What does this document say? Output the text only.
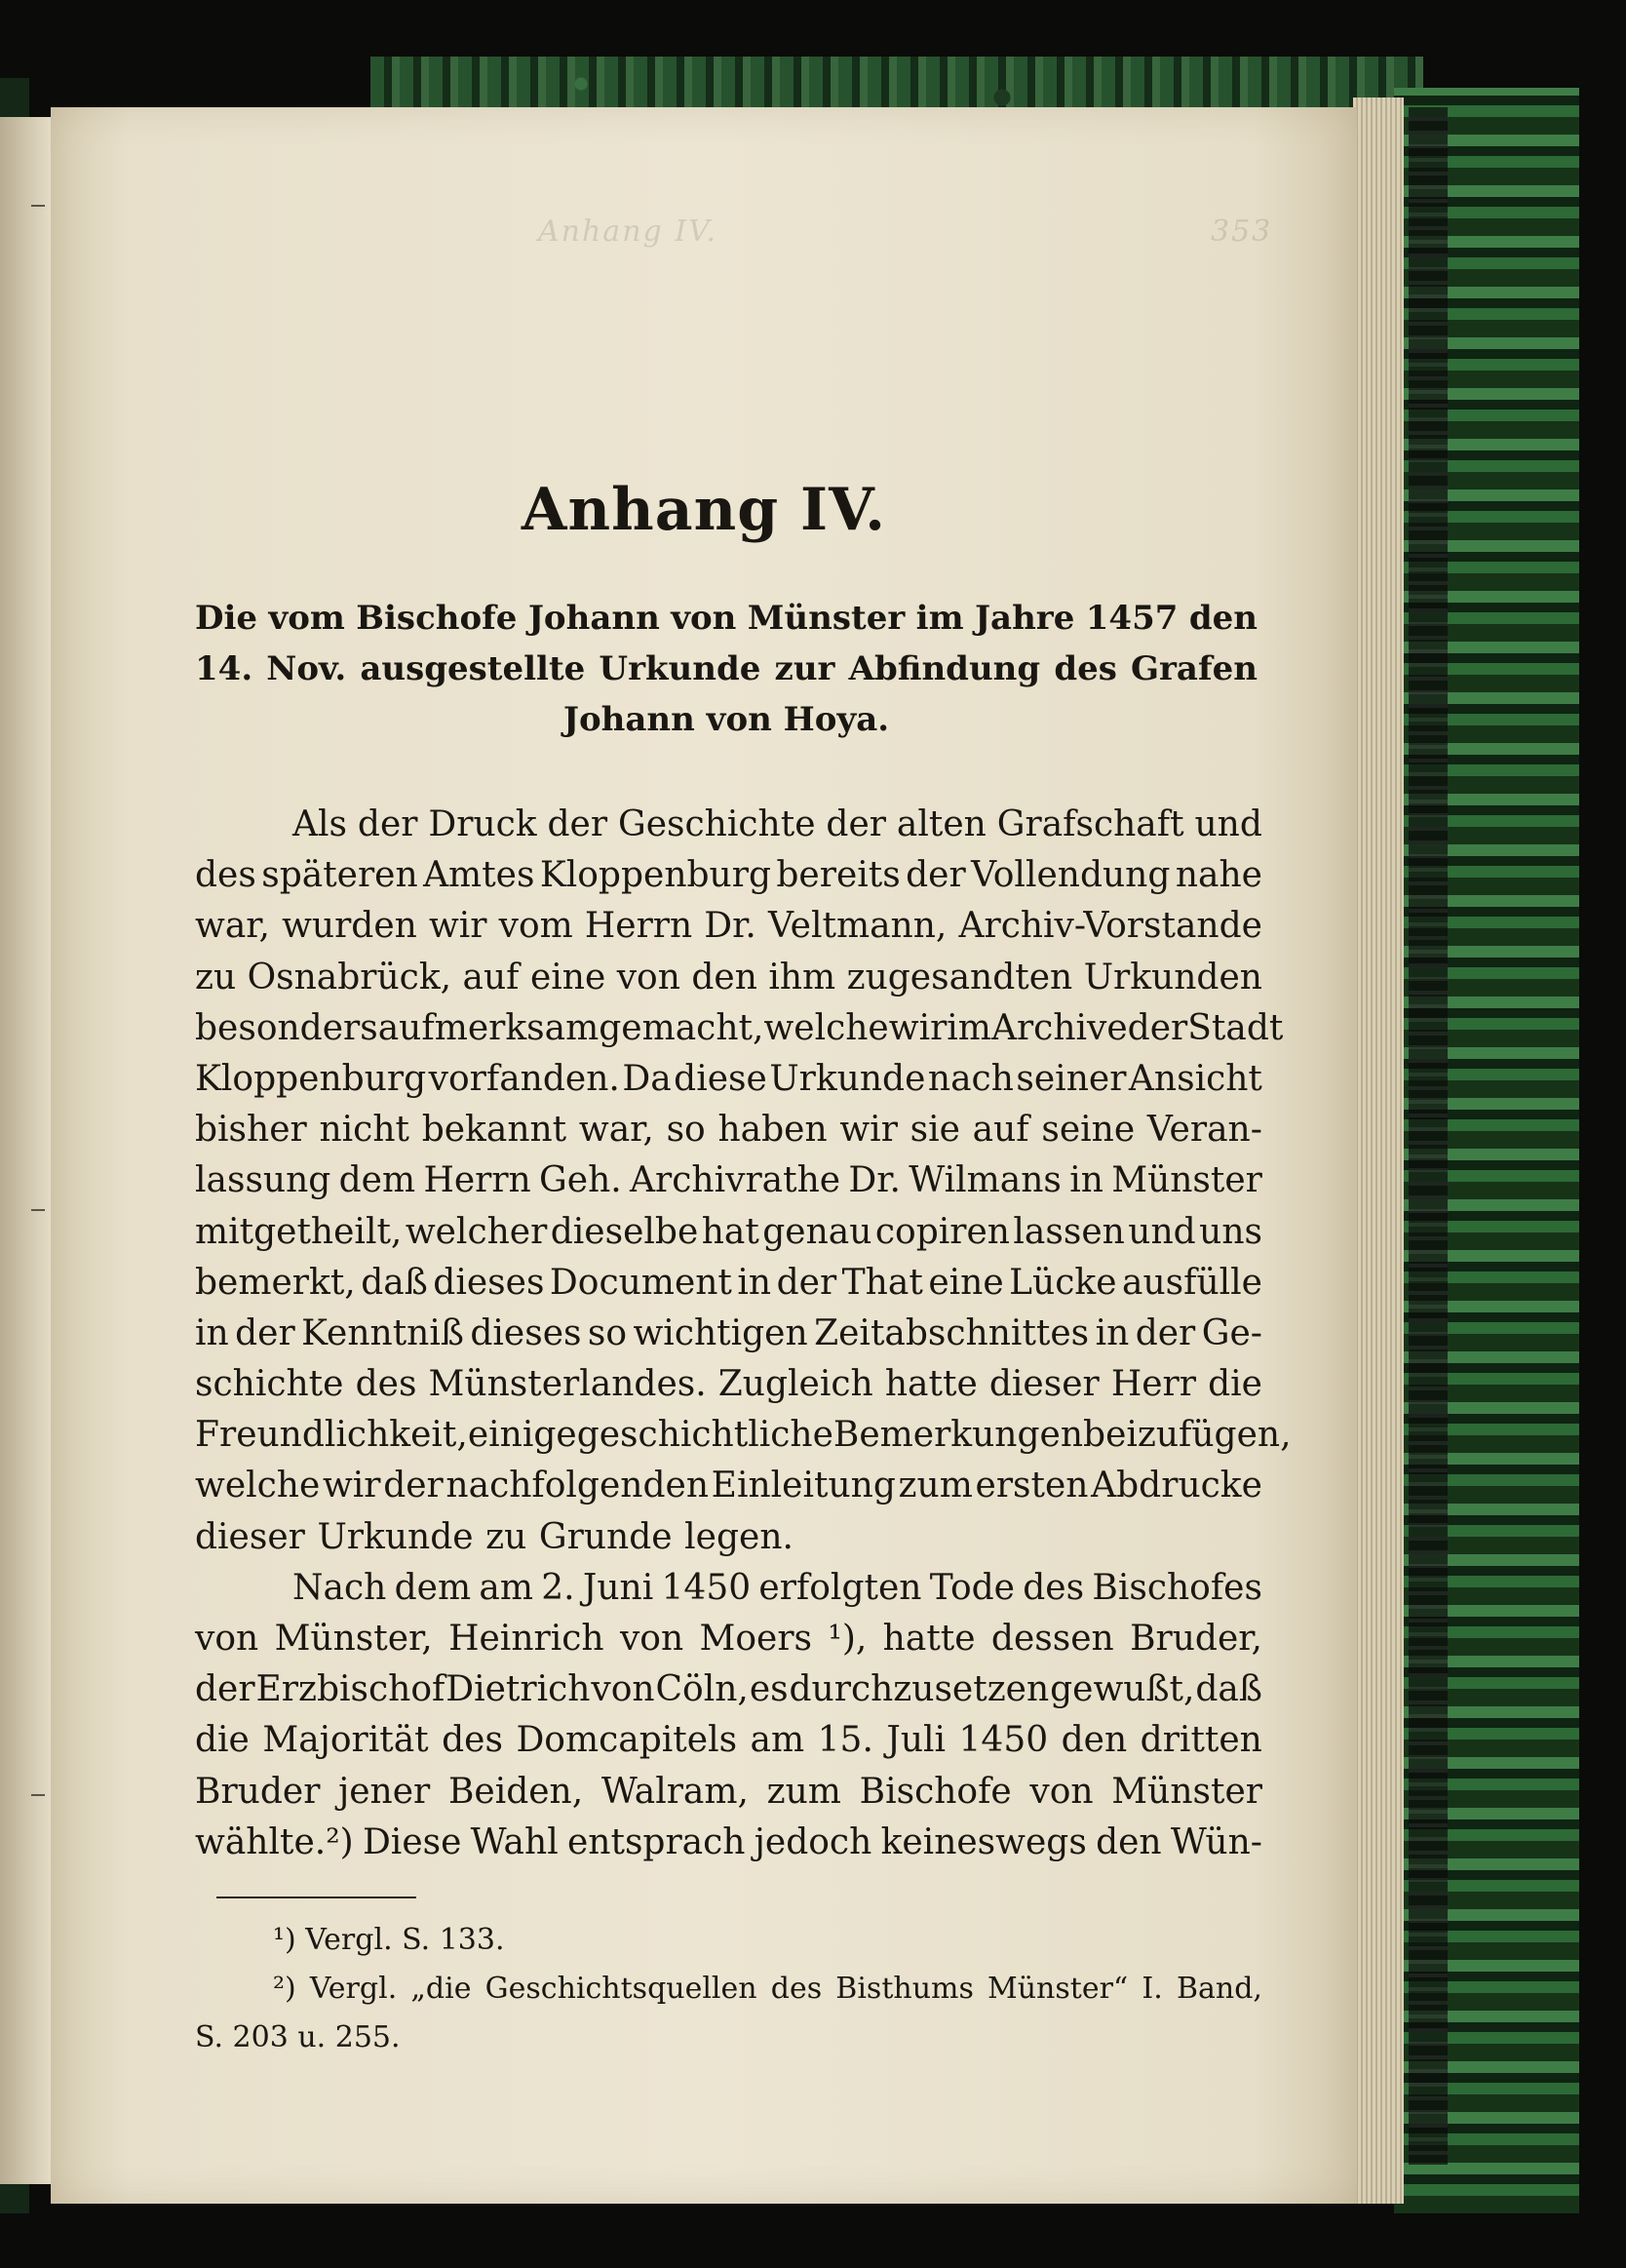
Anhang IV.	353
Anhang IV.
Die vom Bischofe Johann von Münster im Jahre 1457 den
14. Nov. ausgestellte Urkunde zur Abfindung des Grafen
Johann von Hoya.
Als der Druck der Geschichte der alten Grafschaft und
des späteren Amtes Kloppenburg bereits der Vollendung nahe
war, wurden wir vom Herrn Dr. Veltmann, Archiv-Vorstande
zu Osnabrück, auf eine von den ihm zugesandten Urkunden
besonders aufmerksam gemacht, welche wir im Archive der Stadt
Kloppenburg vorfanden. Da diese Urkunde nach seiner Ansicht
bisher nicht bekannt war, so haben wir sie auf seine Veran-
lassung dem Herrn Geh. Archivrathe Dr. Wilmans in Münster
mitgetheilt, welcher dieselbe hat genau copiren lassen und uns
bemerkt, daß dieses Document in der That eine Lücke ausfülle
in der Kenntniß dieses so wichtigen Zeitabschnittes in der Ge-
schichte des Münsterlandes. Zugleich hatte dieser Herr die
Freundlichkeit, einige geschichtliche Bemerkungen beizufügen,
welche wir der nachfolgenden Einleitung zum ersten Abdrucke
dieser Urkunde zu Grunde legen.
Nach dem am 2. Juni 1450 erfolgten Tode des Bischofes
von Münster, Heinrich von Moers ¹), hatte dessen Bruder,
der Erzbischof Dietrich von Cöln, es durchzusetzen gewußt, daß
die Majorität des Domcapitels am 15. Juli 1450 den dritten
Bruder jener Beiden, Walram, zum Bischofe von Münster
wählte.²) Diese Wahl entsprach jedoch keineswegs den Wün-
¹) Vergl. S. 133.
²) Vergl. „die Geschichtsquellen des Bisthums Münster“ I. Band,
S. 203 u. 255.
